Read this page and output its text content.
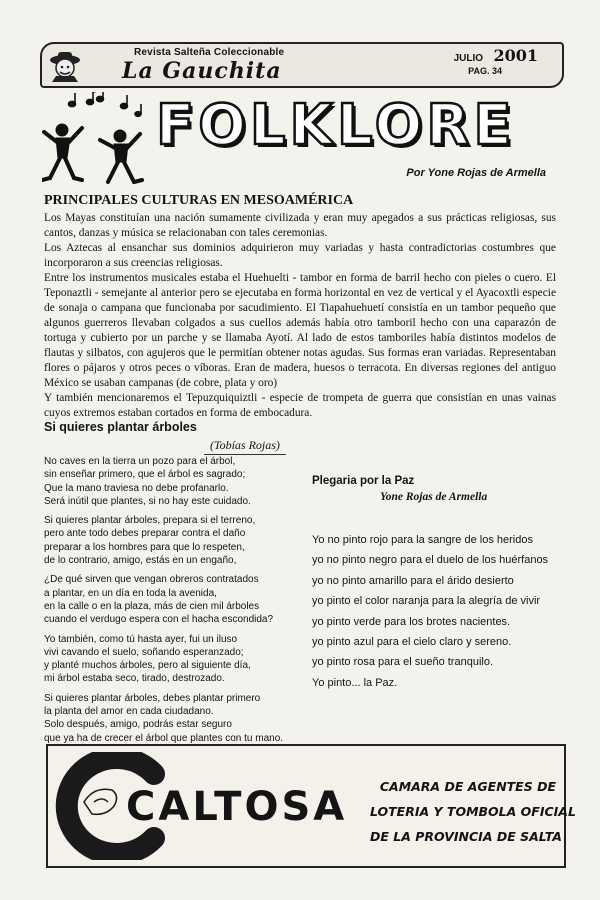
Revista Salteña Coleccionable
La Gauchita	JULIO 2001
PAG. 34
FOLKLORE
Por Yone Rojas de Armella
PRINCIPALES CULTURAS EN MESOAMÉRICA

Los Mayas constituían una nación sumamente civilizada y eran muy apegados a sus prácticas religiosas, sus cantos, danzas y música se relacionaban con tales ceremonias.

Los Aztecas al ensanchar sus dominios adquirieron muy variadas y hasta contradictorias costumbres que incorporaron a sus creencias religiosas.

Entre los instrumentos musicales estaba el Huehuelti - tambor en forma de barril hecho con pieles o cuero. El Teponaztli - semejante al anterior pero se ejecutaba en forma horizontal en vez de vertical y el Ayacoxtli especie de sonaja o campana que funcionaba por sacudimiento. El Tiapahuehuetí consistía en un tambor pequeño que algunos guerreros llevaban colgados a sus cuellos además había otro tamboril hecho con una caparazón de tortuga y cubierto por un parche y se llamaba Ayotí. Al lado de estos tamboriles había distintos modelos de flautas y silbatos, con agujeros que le permitían obtener notas agudas. Sus formas eran variadas. Representaban flores o pájaros y otros peces o víboras. Eran de madera, huesos o terracota. En diversas regiones del antiguo México se usaban campanas (de cobre, plata y oro)

Y también mencionaremos el Tepuzquiquiztli - especie de trompeta de guerra que consistían en unas vainas cuyos extremos estaban cortados en forma de embocadura.

Si quieres plantar árboles
(Tobías Rojas)
No caves en la tierra un pozo para el árbol,
sin enseñar primero, que el árbol es sagrado;
Que la mano traviesa no debe profanarlo.
Será inútil que plantes, si no hay este cuidado.
Si quieres plantar árboles, prepara si el terreno,
pero ante todo debes preparar contra el daño
preparar a los hombres para que lo respeten,
de lo contrario, amigo, estás en un engaño,
¿De qué sirven que vengan obreros contratados
a plantar, en un día en toda la avenida,
en la calle o en la plaza, más de cien mil árboles
cuando el verdugo espera con el hacha escondida?
Yo también, como tú hasta ayer, fui un iluso
vivi cavando el suelo, soñando esperanzado;
y planté muchos árboles, pero al siguiente día,
mi árbol estaba seco, tirado, destrozado.
Si quieres plantar árboles, debes plantar primero
la planta del amor en cada ciudadano.
Solo después, amigo, podrás estar seguro
que ya ha de crecer el árbol que plantes con tu mano.
Plegaria por la Paz
Yone Rojas de Armella
Yo no pinto rojo para la sangre de los heridos
yo no pinto negro para el duelo de los huérfanos
yo no pinto amarillo para el árido desierto
yo pinto el color naranja para la alegría de vivir
yo pinto verde para los brotes nacientes.
yo pinto azul para el cielo claro y sereno.
yo pinto rosa para el sueño tranquilo.
Yo pinto... la Paz.
CALTOSA	CAMARA DE AGENTES DE
LOTERIA Y TOMBOLA OFICIAL
DE LA PROVINCIA DE SALTA
